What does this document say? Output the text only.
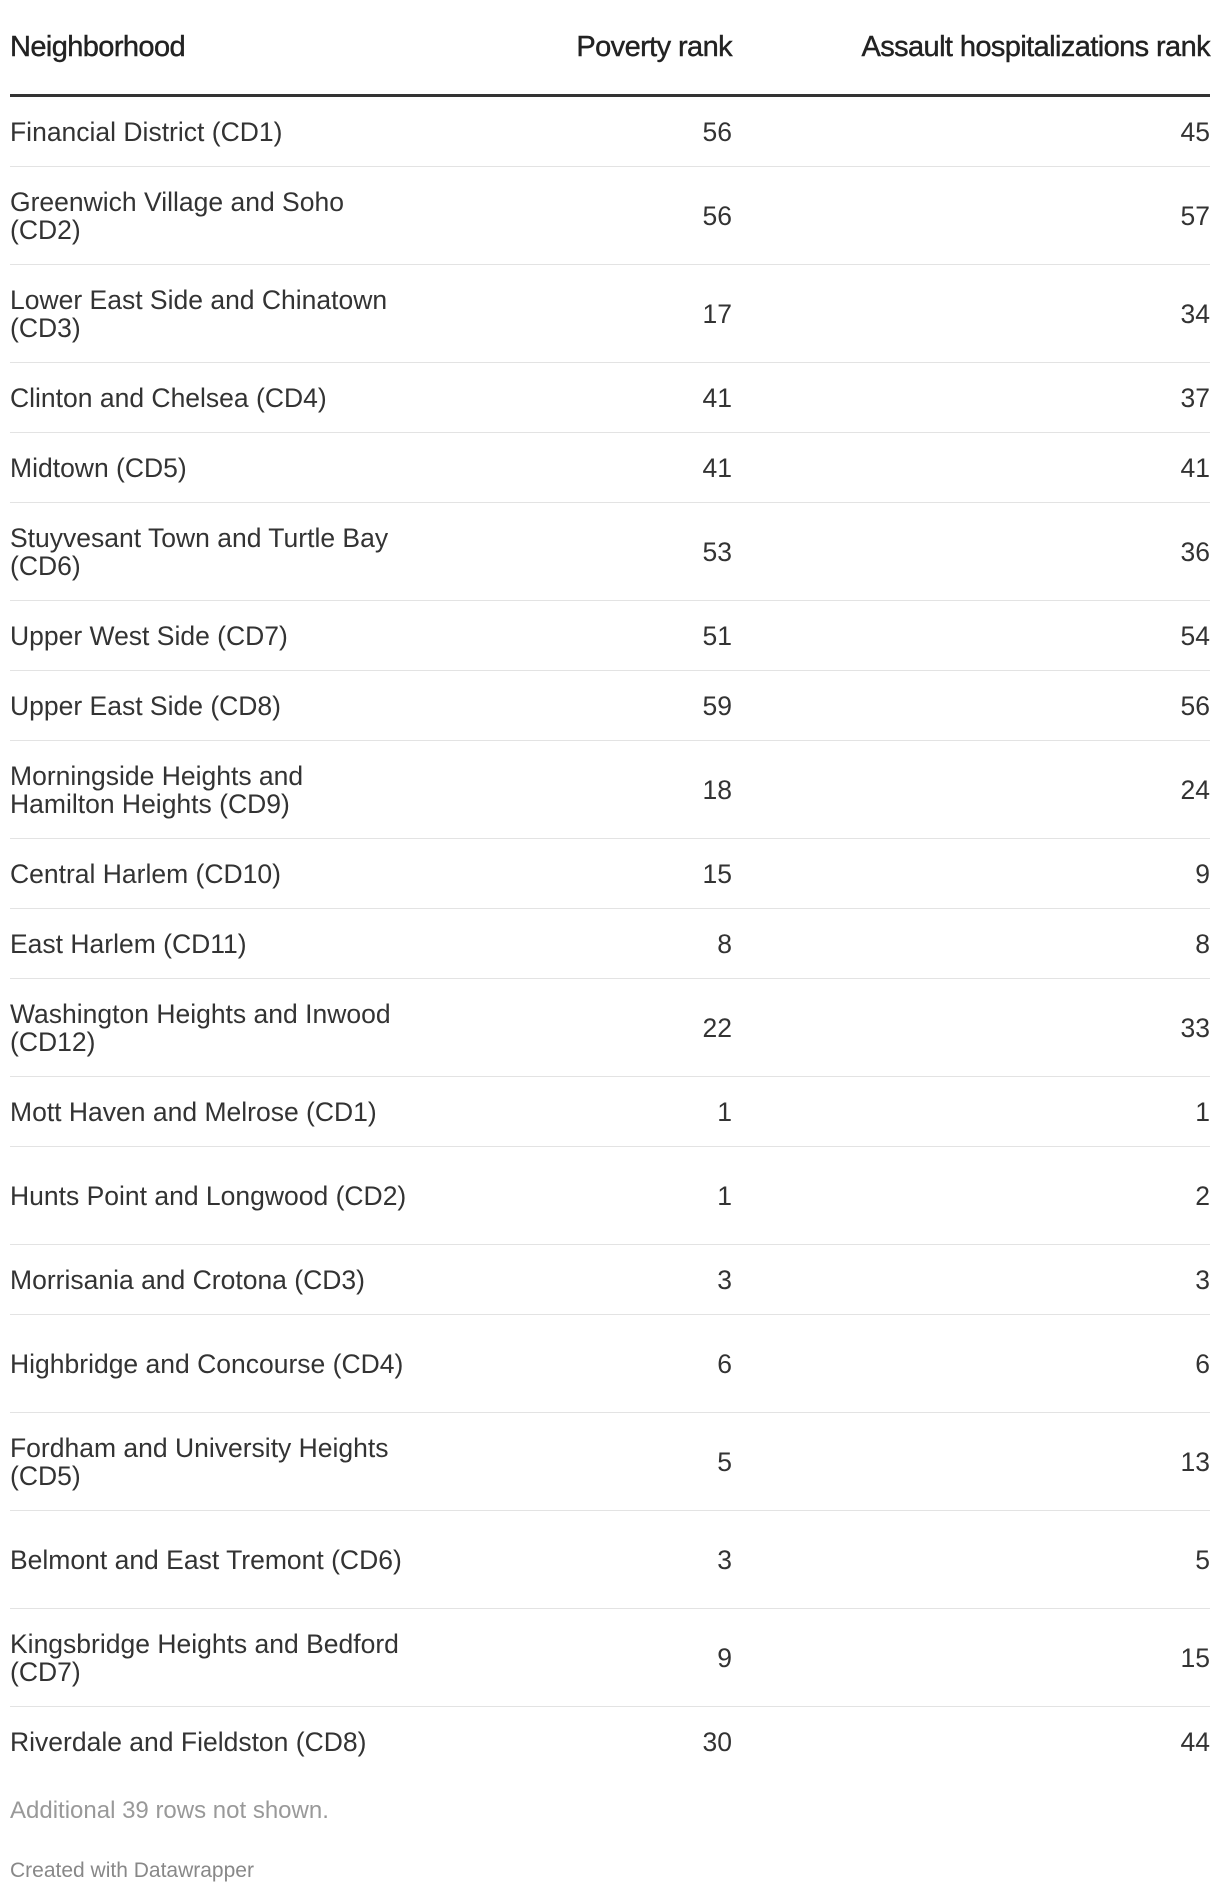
Neighborhood	Poverty rank	Assault hospitalizations rank
Financial District (CD1)	56	45
Greenwich Village and Soho (CD2)	56	57
Lower East Side and Chinatown (CD3)	17	34
Clinton and Chelsea (CD4)	41	37
Midtown (CD5)	41	41
Stuyvesant Town and Turtle Bay (CD6)	53	36
Upper West Side (CD7)	51	54
Upper East Side (CD8)	59	56
Morningside Heights and Hamilton Heights (CD9)	18	24
Central Harlem (CD10)	15	9
East Harlem (CD11)	8	8
Washington Heights and Inwood (CD12)	22	33
Mott Haven and Melrose (CD1)	1	1
Hunts Point and Longwood (CD2)	1	2
Morrisania and Crotona (CD3)	3	3
Highbridge and Concourse (CD4)	6	6
Fordham and University Heights (CD5)	5	13
Belmont and East Tremont (CD6)	3	5
Kingsbridge Heights and Bedford (CD7)	9	15
Riverdale and Fieldston (CD8)	30	44
Additional 39 rows not shown.
Created with Datawrapper
